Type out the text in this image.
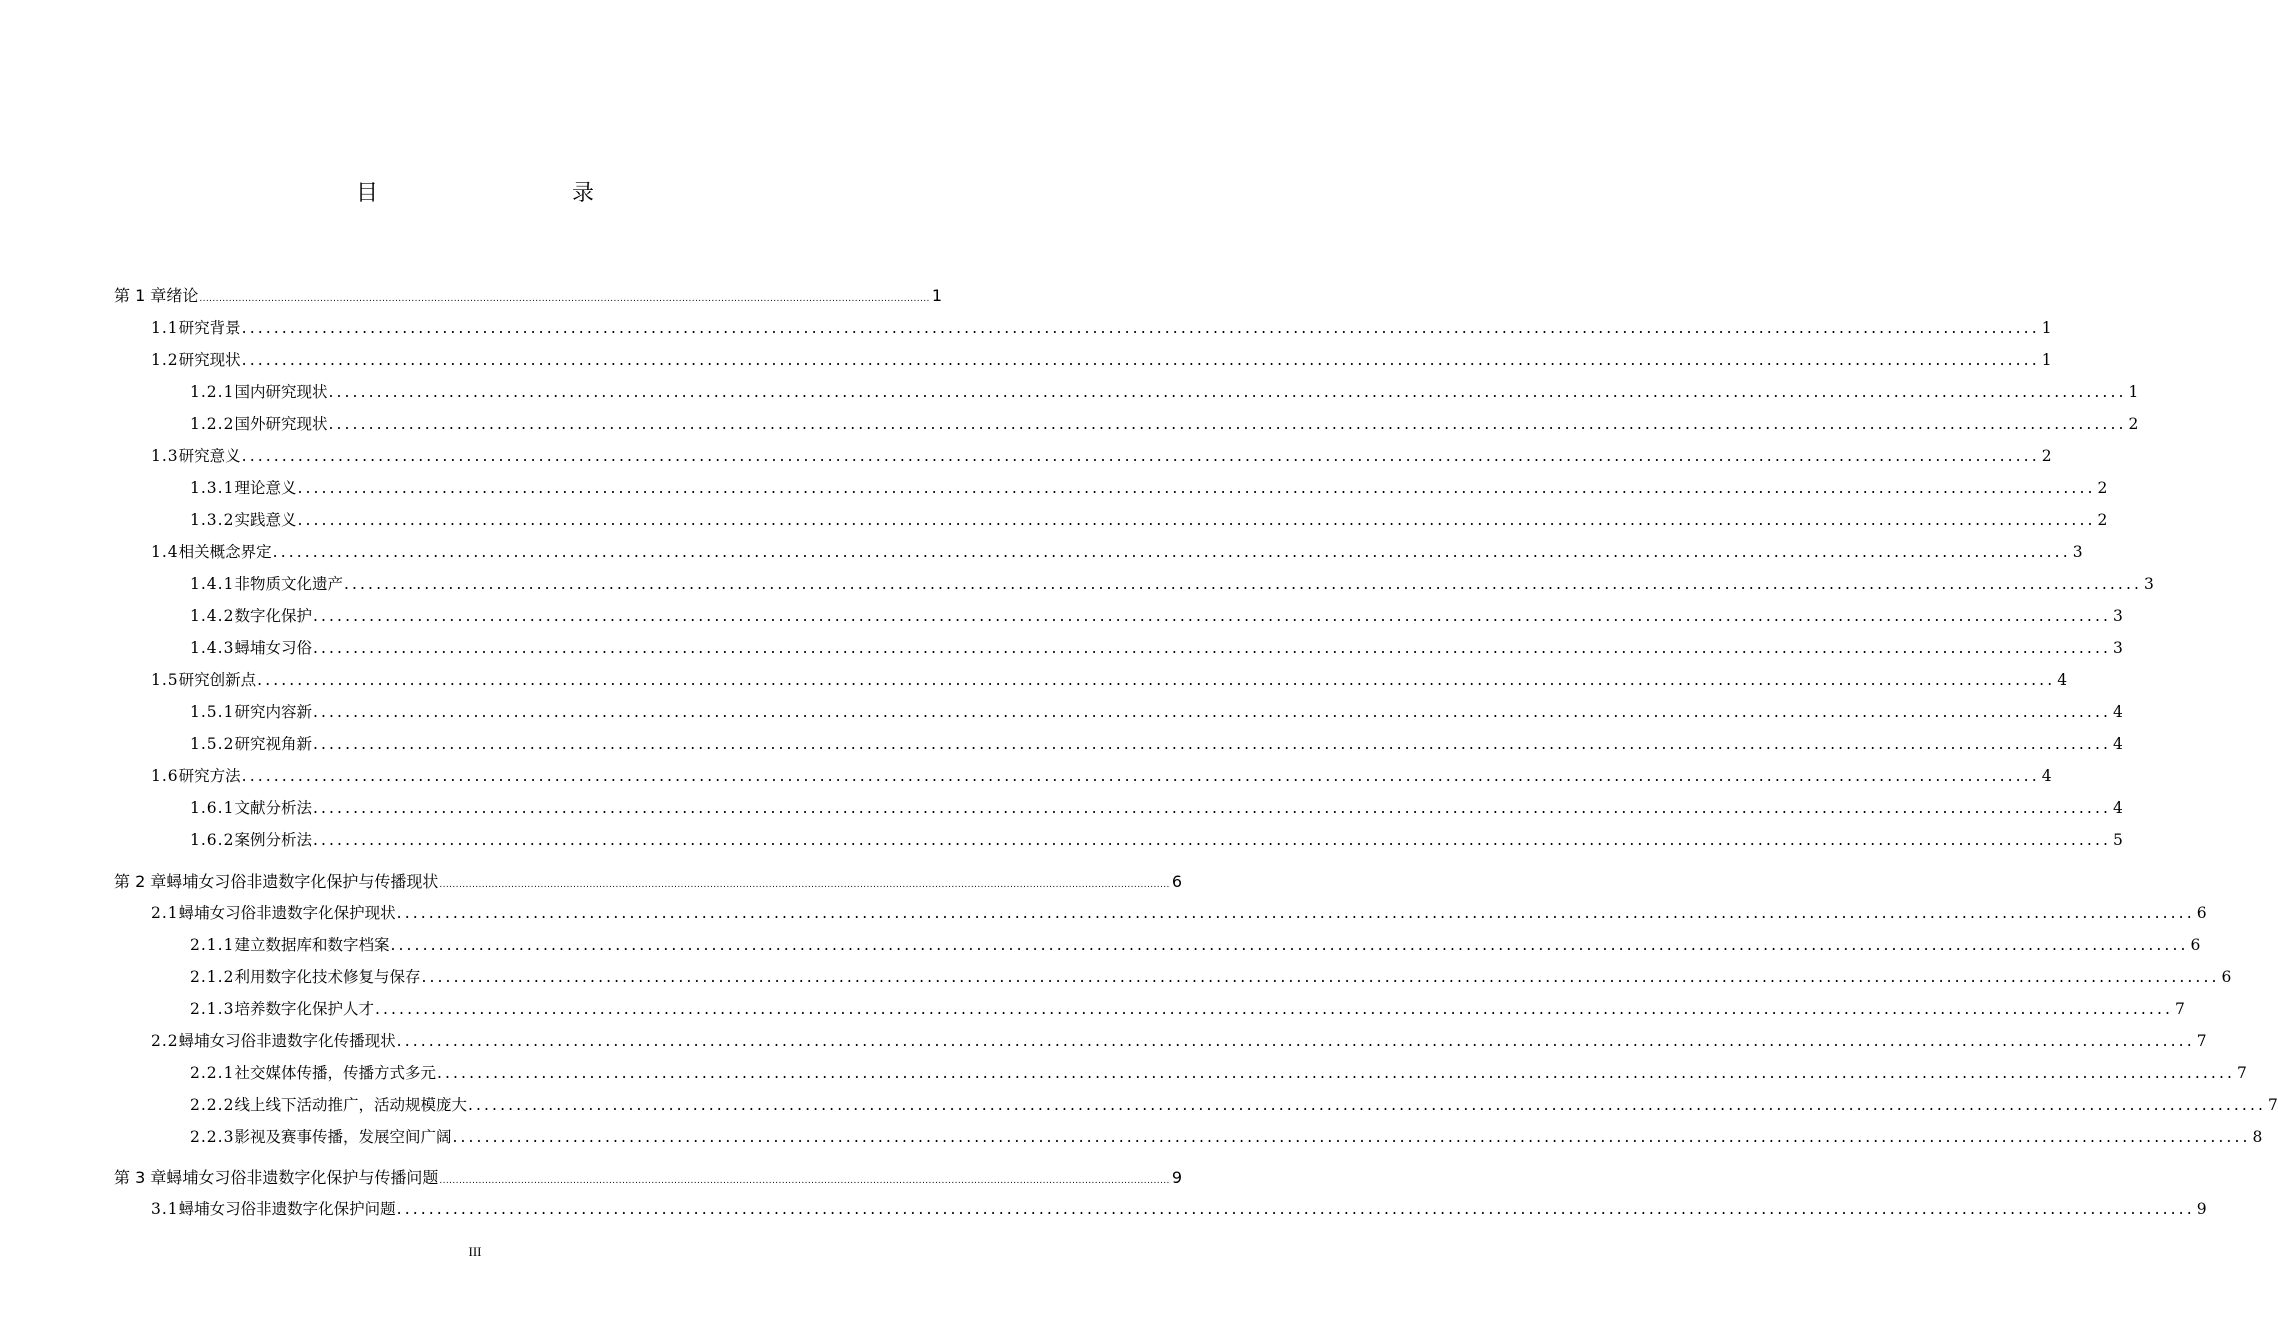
目　　录
第 1 章 绪论 ................................................................................................................................................................................................................................ 1
1.1 研究背景 ................................................................................................................................................................................................................................ 1
1.2 研究现状 ................................................................................................................................................................................................................................ 1
1.2.1 国内研究现状 ................................................................................................................................................................................................................................ 1
1.2.2 国外研究现状 ................................................................................................................................................................................................................................ 2
1.3 研究意义 ................................................................................................................................................................................................................................ 2
1.3.1 理论意义 ................................................................................................................................................................................................................................ 2
1.3.2 实践意义 ................................................................................................................................................................................................................................ 2
1.4 相关概念界定 ................................................................................................................................................................................................................................ 3
1.4.1 非物质文化遗产 ................................................................................................................................................................................................................................ 3
1.4.2 数字化保护 ................................................................................................................................................................................................................................ 3
1.4.3 蟳埔女习俗 ................................................................................................................................................................................................................................ 3
1.5 研究创新点 ................................................................................................................................................................................................................................ 4
1.5.1 研究内容新 ................................................................................................................................................................................................................................ 4
1.5.2 研究视角新 ................................................................................................................................................................................................................................ 4
1.6 研究方法 ................................................................................................................................................................................................................................ 4
1.6.1 文献分析法 ................................................................................................................................................................................................................................ 4
1.6.2 案例分析法 ................................................................................................................................................................................................................................ 5
第 2 章 蟳埔女习俗非遗数字化保护与传播现状 ................................................................................................................................................................................................................................ 6
2.1 蟳埔女习俗非遗数字化保护现状 ................................................................................................................................................................................................................................ 6
2.1.1 建立数据库和数字档案 ................................................................................................................................................................................................................................ 6
2.1.2 利用数字化技术修复与保存 ................................................................................................................................................................................................................................ 6
2.1.3 培养数字化保护人才 ................................................................................................................................................................................................................................ 7
2.2 蟳埔女习俗非遗数字化传播现状 ................................................................................................................................................................................................................................ 7
2.2.1 社交媒体传播，传播方式多元 ................................................................................................................................................................................................................................ 7
2.2.2 线上线下活动推广，活动规模庞大 ................................................................................................................................................................................................................................ 7
2.2.3 影视及赛事传播，发展空间广阔 ................................................................................................................................................................................................................................ 8
第 3 章 蟳埔女习俗非遗数字化保护与传播问题 ................................................................................................................................................................................................................................ 9
3.1 蟳埔女习俗非遗数字化保护问题 ................................................................................................................................................................................................................................ 9
III
